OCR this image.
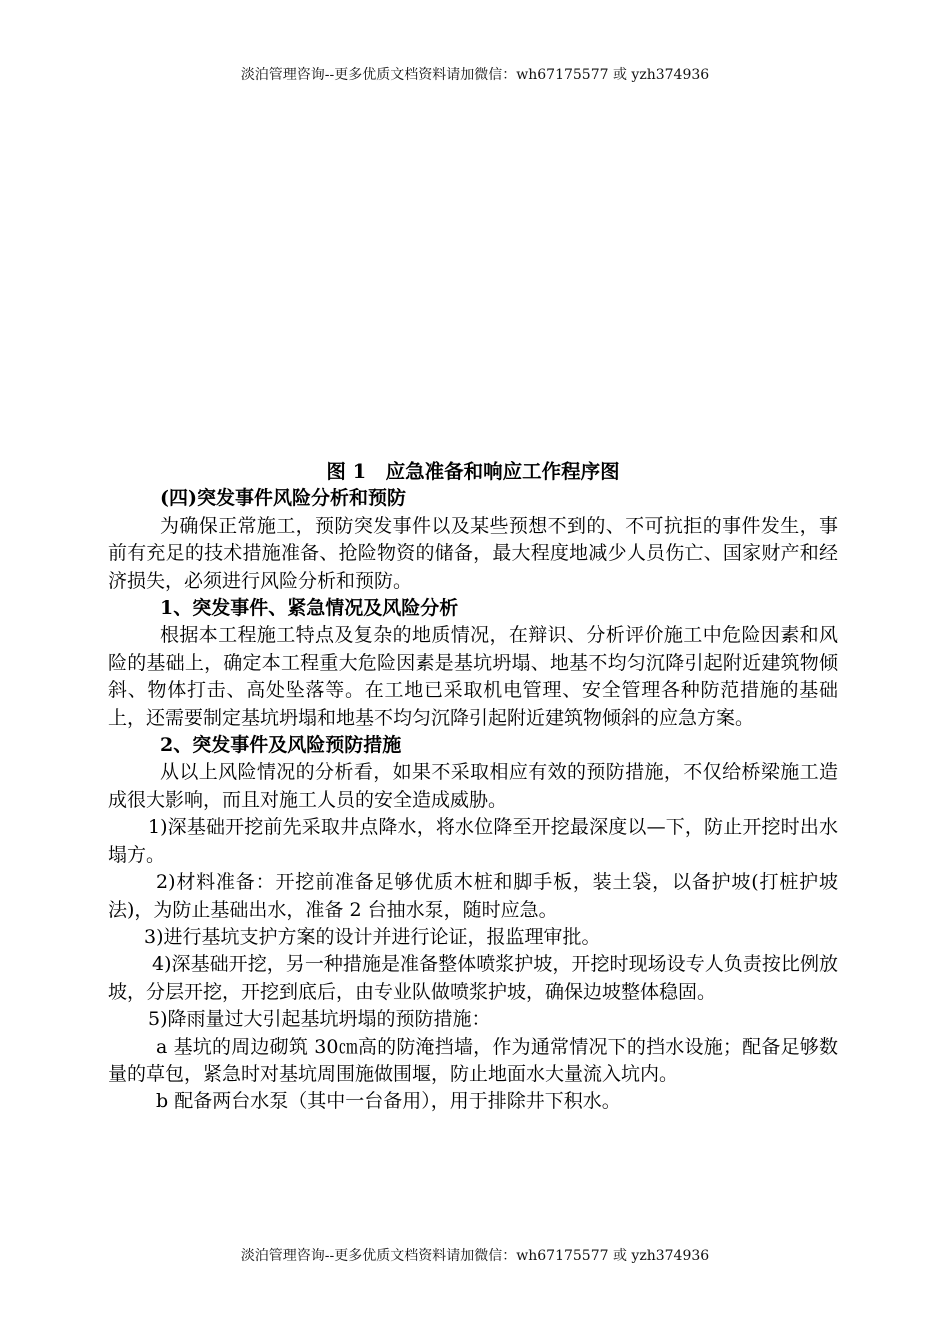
淡泊管理咨询--更多优质文档资料请加微信：wh67175577 或 yzh374936

图 1　应急准备和响应工作程序图

(四)突发事件风险分析和预防

为确保正常施工，预防突发事件以及某些预想不到的、不可抗拒的事件发生，事前有充足的技术措施准备、抢险物资的储备，最大程度地减少人员伤亡、国家财产和经济损失，必须进行风险分析和预防。

1、突发事件、紧急情况及风险分析

根据本工程施工特点及复杂的地质情况，在辩识、分析评价施工中危险因素和风险的基础上，确定本工程重大危险因素是基坑坍塌、地基不均匀沉降引起附近建筑物倾斜、物体打击、高处坠落等。在工地已采取机电管理、安全管理各种防范措施的基础上，还需要制定基坑坍塌和地基不均匀沉降引起附近建筑物倾斜的应急方案。

2、突发事件及风险预防措施

从以上风险情况的分析看，如果不采取相应有效的预防措施，不仅给桥梁施工造成很大影响，而且对施工人员的安全造成威胁。

1)深基础开挖前先采取井点降水，将水位降至开挖最深度以—下，防止开挖时出水塌方。

2)材料准备：开挖前准备足够优质木桩和脚手板，装土袋，以备护坡(打桩护坡法)，为防止基础出水，准备 2 台抽水泵，随时应急。

3)进行基坑支护方案的设计并进行论证，报监理审批。

4)深基础开挖，另一种措施是准备整体喷浆护坡，开挖时现场设专人负责按比例放坡，分层开挖，开挖到底后，由专业队做喷浆护坡，确保边坡整体稳固。

5)降雨量过大引起基坑坍塌的预防措施：

a 基坑的周边砌筑 30㎝高的防淹挡墙，作为通常情况下的挡水设施；配备足够数量的草包，紧急时对基坑周围施做围堰，防止地面水大量流入坑内。

b 配备两台水泵（其中一台备用），用于排除井下积水。

淡泊管理咨询--更多优质文档资料请加微信：wh67175577 或 yzh374936
